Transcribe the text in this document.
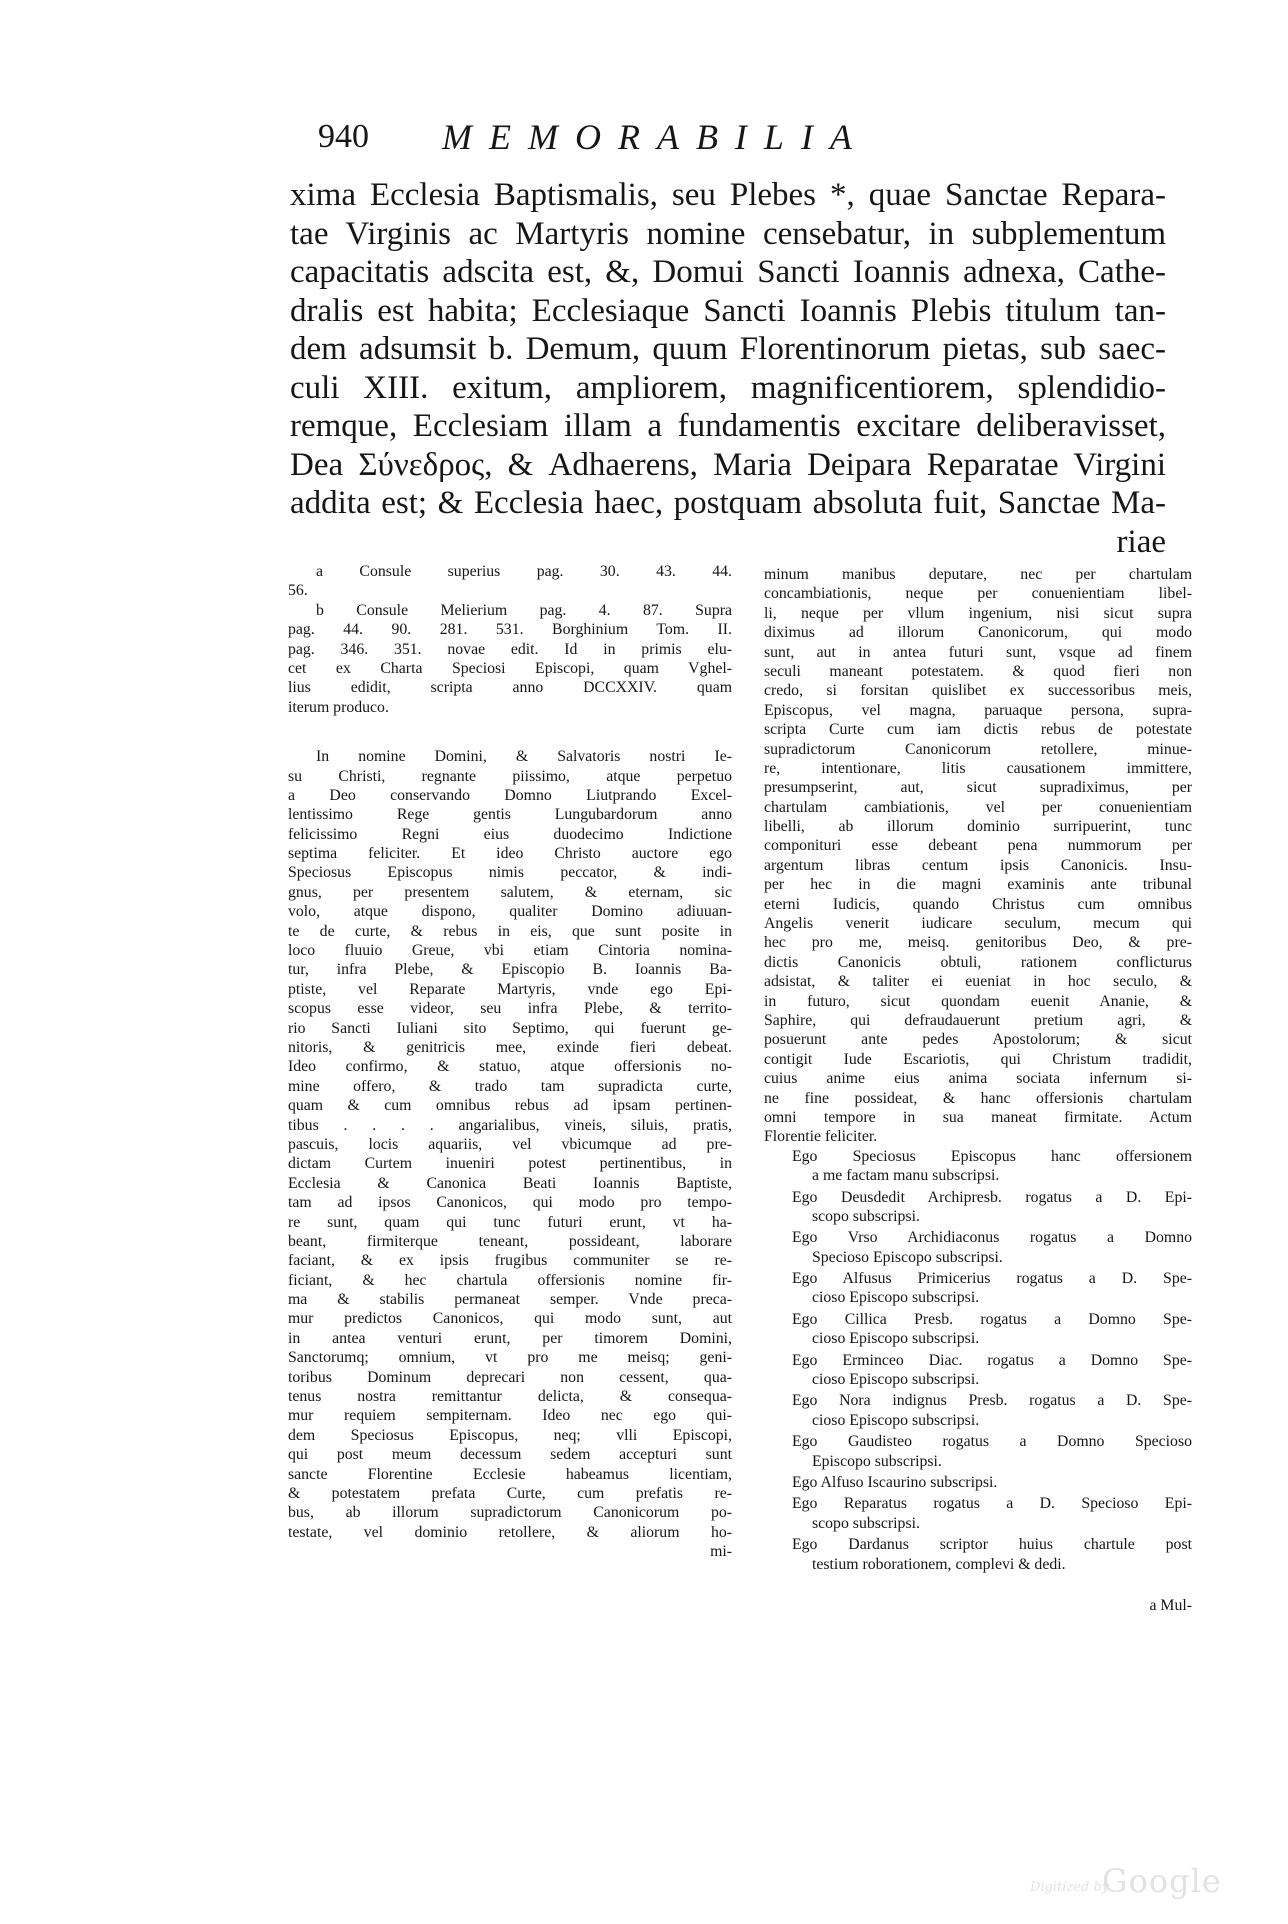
940 MEMORABILIA
xima Ecclesia Baptismalis, seu Plebes *, quae Sanctae Repara-
tae Virginis ac Martyris nomine censebatur, in subplementum
capacitatis adscita est, &, Domui Sancti Ioannis adnexa, Cathe-
dralis est habita; Ecclesiaque Sancti Ioannis Plebis titulum tan-
dem adsumsit b. Demum, quum Florentinorum pietas, sub saec-
culi XIII. exitum, ampliorem, magnificentiorem, splendidio-
remque, Ecclesiam illam a fundamentis excitare deliberavisset,
Dea Σύνεδρος, & Adhaerens, Maria Deipara Reparatae Virgini
addita est; & Ecclesia haec, postquam absoluta fuit, Sanctae Ma-
riae
a Consule superius pag. 30. 43. 44.
56.
b Consule Melierium pag. 4. 87. Supra
pag. 44. 90. 281. 531. Borghinium Tom. II.
pag. 346. 351. novae edit. Id in primis elu-
cet ex Charta Speciosi Episcopi, quam Vghel-
lius edidit, scripta anno DCCXXIV. quam
iterum produco.
In nomine Domini, & Salvatoris nostri Ie-
su Christi, regnante piissimo, atque perpetuo
a Deo conservando Domno Liutprando Excel-
lentissimo Rege gentis Lungubardorum anno
felicissimo Regni eius duodecimo Indictione
septima feliciter. Et ideo Christo auctore ego
Speciosus Episcopus nimis peccator, & indi-
gnus, per presentem salutem, & eternam, sic
volo, atque dispono, qualiter Domino adiuuan-
te de curte, & rebus in eis, que sunt posite in
loco fluuio Greue, vbi etiam Cintoria nomina-
tur, infra Plebe, & Episcopio B. Ioannis Ba-
ptiste, vel Reparate Martyris, vnde ego Epi-
scopus esse videor, seu infra Plebe, & territo-
rio Sancti Iuliani sito Septimo, qui fuerunt ge-
nitoris, & genitricis mee, exinde fieri debeat.
Ideo confirmo, & statuo, atque offersionis no-
mine offero, & trado tam supradicta curte,
quam & cum omnibus rebus ad ipsam pertinen-
tibus . . . . angarialibus, vineis, siluis, pratis,
pascuis, locis aquariis, vel vbicumque ad pre-
dictam Curtem inueniri potest pertinentibus, in
Ecclesia & Canonica Beati Ioannis Baptiste,
tam ad ipsos Canonicos, qui modo pro tempo-
re sunt, quam qui tunc futuri erunt, vt ha-
beant, firmiterque teneant, possideant, laborare
faciant, & ex ipsis frugibus communiter se re-
ficiant, & hec chartula offersionis nomine fir-
ma & stabilis permaneat semper. Vnde preca-
mur predictos Canonicos, qui modo sunt, aut
in antea venturi erunt, per timorem Domini,
Sanctorumq; omnium, vt pro me meisq; geni-
toribus Dominum deprecari non cessent, qua-
tenus nostra remittantur delicta, & consequa-
mur requiem sempiternam. Ideo nec ego qui-
dem Speciosus Episcopus, neq; vlli Episcopi,
qui post meum decessum sedem accepturi sunt
sancte Florentine Ecclesie habeamus licentiam,
& potestatem prefata Curte, cum prefatis re-
bus, ab illorum supradictorum Canonicorum po-
testate, vel dominio retollere, & aliorum ho-
mi-
minum manibus deputare, nec per chartulam
concambiationis, neque per conuenientiam libel-
li, neque per vllum ingenium, nisi sicut supra
diximus ad illorum Canonicorum, qui modo
sunt, aut in antea futuri sunt, vsque ad finem
seculi maneant potestatem. & quod fieri non
credo, si forsitan quislibet ex successoribus meis,
Episcopus, vel magna, paruaque persona, supra-
scripta Curte cum iam dictis rebus de potestate
supradictorum Canonicorum retollere, minue-
re, intentionare, litis causationem immittere,
presumpserint, aut, sicut supradiximus, per
chartulam cambiationis, vel per conuenientiam
libelli, ab illorum dominio surripuerint, tunc
componituri esse debeant pena nummorum per
argentum libras centum ipsis Canonicis. Insu-
per hec in die magni examinis ante tribunal
eterni Iudicis, quando Christus cum omnibus
Angelis venerit iudicare seculum, mecum qui
hec pro me, meisq. genitoribus Deo, & pre-
dictis Canonicis obtuli, rationem conflicturus
adsistat, & taliter ei eueniat in hoc seculo, &
in futuro, sicut quondam euenit Ananie, &
Saphire, qui defraudauerunt pretium agri, &
posuerunt ante pedes Apostolorum; & sicut
contigit Iude Escariotis, qui Christum tradidit,
cuius anime eius anima sociata infernum si-
ne fine possideat, & hanc offersionis chartulam
omni tempore in sua maneat firmitate. Actum
Florentie feliciter.
Ego Speciosus Episcopus hanc offersionem
a me factam manu subscripsi.
Ego Deusdedit Archipresb. rogatus a D. Epi-
scopo subscripsi.
Ego Vrso Archidiaconus rogatus a Domno
Specioso Episcopo subscripsi.
Ego Alfusus Primicerius rogatus a D. Spe-
cioso Episcopo subscripsi.
Ego Cillica Presb. rogatus a Domno Spe-
cioso Episcopo subscripsi.
Ego Erminceo Diac. rogatus a Domno Spe-
cioso Episcopo subscripsi.
Ego Nora indignus Presb. rogatus a D. Spe-
cioso Episcopo subscripsi.
Ego Gaudisteo rogatus a Domno Specioso
Episcopo subscripsi.
Ego Alfuso Iscaurino subscripsi.
Ego Reparatus rogatus a D. Specioso Epi-
scopo subscripsi.
Ego Dardanus scriptor huius chartule post
testium roborationem, complevi & dedi.
a Mul-
Digitized by
Google
